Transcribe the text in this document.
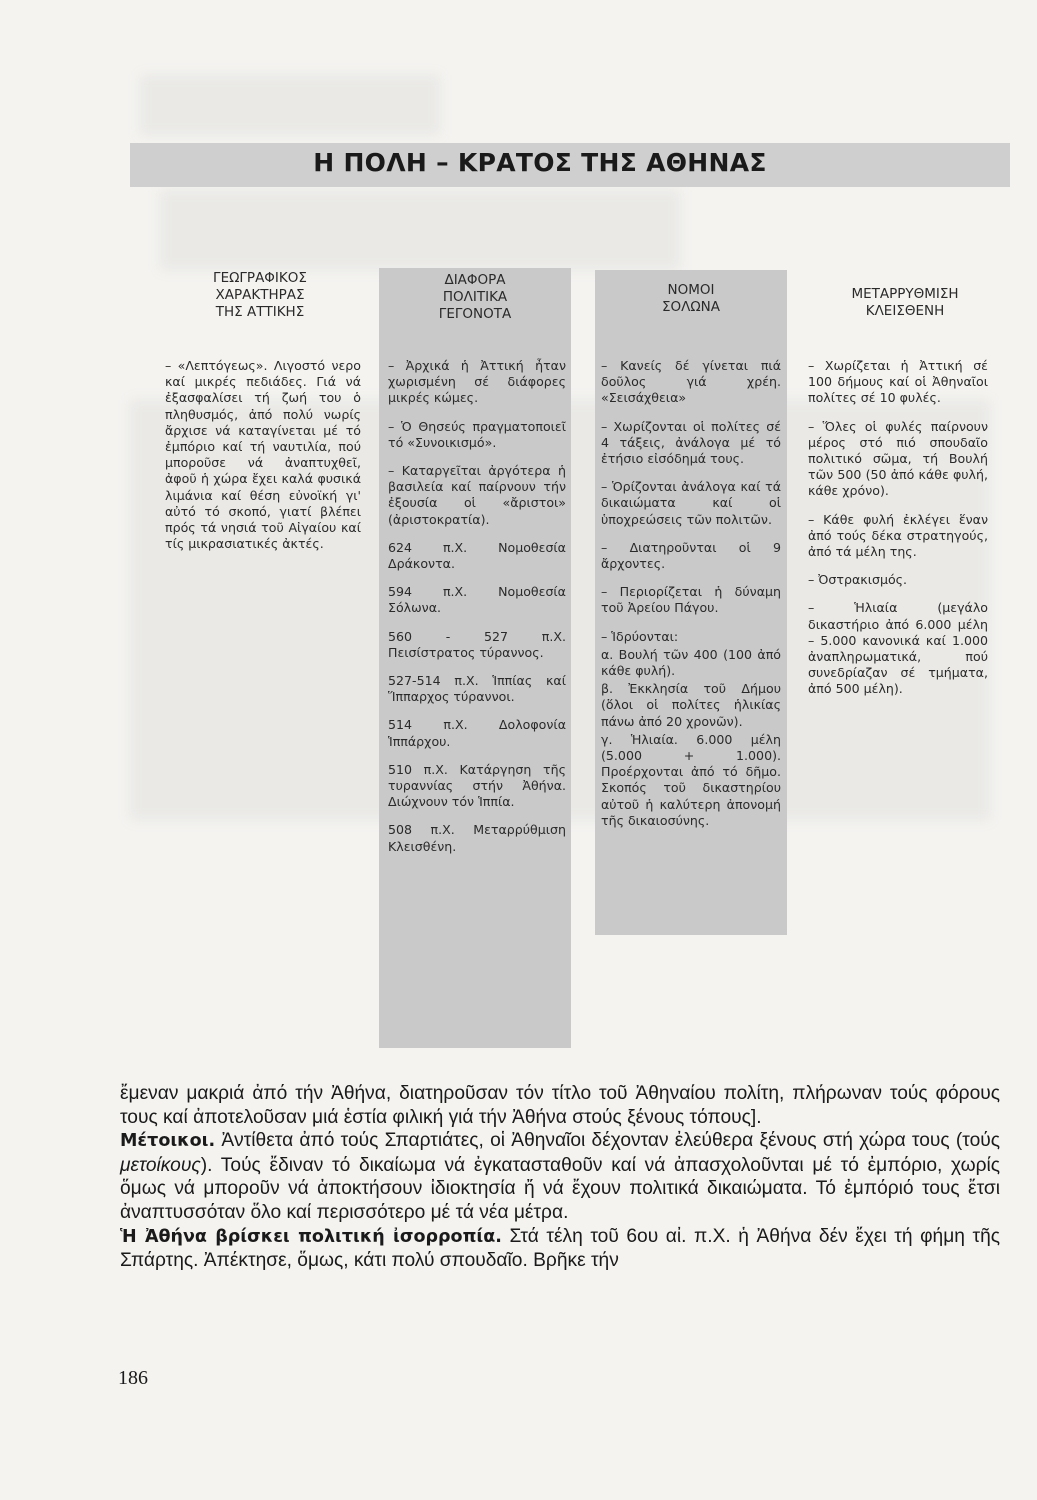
Η ΠΟΛΗ – ΚΡΑΤΟΣ ΤΗΣ ΑΘΗΝΑΣ
ΓΕΩΓΡΑΦΙΚΟΣ
ΧΑΡΑΚΤΗΡΑΣ
ΤΗΣ ΑΤΤΙΚΗΣ

– «Λεπτόγεως». Λιγοστό νερο καί μικρές πεδιάδες. Γιά νά ἐξασφαλίσει τή ζωή του ὁ πληθυσμός, ἀπό πολύ νωρίς ἄρχισε νά καταγίνεται μέ τό ἐμπόριο καί τή ναυτιλία, πού μποροῦσε νά ἀναπτυχθεῖ, ἀφοῦ ἡ χώρα ἔχει καλά φυσικά λιμάνια καί θέση εὐνοϊκή γι' αὐτό τό σκοπό, γιατί βλέπει πρός τά νησιά τοῦ Αἰγαίου καί τίς μικρασιατικές ἀκτές.

ΔΙΑΦΟΡΑ
ΠΟΛΙΤΙΚΑ
ΓΕΓΟΝΟΤΑ

– Ἀρχικά ἡ Ἀττική ἦταν χωρισμένη σέ διάφορες μικρές κώμες.

– Ὁ Θησεύς πραγματοποιεῖ τό «Συνοικισμό».

– Καταργεῖται ἀργότερα ἡ βασιλεία καί παίρνουν τήν ἐξουσία οἱ «ἄριστοι» (ἀριστοκρατία).

624 π.Χ. Νομοθεσία Δράκοντα.

594 π.Χ. Νομοθεσία Σόλωνα.

560 - 527 π.Χ. Πεισίστρατος τύραννος.

527-514 π.Χ. Ἱππίας καί Ἵππαρχος τύραννοι.

514 π.Χ. Δολοφονία Ἱππάρχου.

510 π.Χ. Κατάργηση τῆς τυραννίας στήν Ἀθήνα. Διώχνουν τόν Ἱππία.

508 π.Χ. Μεταρρύθμιση Κλεισθένη.

ΝΟΜΟΙ
ΣΟΛΩΝΑ

– Κανείς δέ γίνεται πιά δοῦλος γιά χρέη. «Σεισάχθεια»

– Χωρίζονται οἱ πολίτες σέ 4 τάξεις, ἀνάλογα μέ τό ἐτήσιο εἰσόδημά τους.

– Ὁρίζονται ἀνάλογα καί τά δικαιώματα καί οἱ ὑποχρεώσεις τῶν πολιτῶν.

– Διατηροῦνται οἱ 9 ἄρχοντες.

– Περιορίζεται ἡ δύναμη τοῦ Ἀρείου Πάγου.

– Ἱδρύονται:

α. Βουλή τῶν 400 (100 ἀπό κάθε φυλή).

β. Ἐκκλησία τοῦ Δήμου (ὅλοι οἱ πολίτες ἡλικίας πάνω ἀπό 20 χρονῶν).

γ. Ἡλιαία. 6.000 μέλη (5.000 + 1.000). Προέρχονται ἀπό τό δῆμο. Σκοπός τοῦ δικαστηρίου αὐτοῦ ἡ καλύτερη ἀπονομή τῆς δικαιοσύνης.

ΜΕΤΑΡΡΥΘΜΙΣΗ
ΚΛΕΙΣΘΕΝΗ

– Χωρίζεται ἡ Ἀττική σέ 100 δήμους καί οἱ Ἀθηναῖοι πολίτες σέ 10 φυλές.

– Ὅλες οἱ φυλές παίρνουν μέρος στό πιό σπουδαῖο πολιτικό σῶμα, τή Βουλή τῶν 500 (50 ἀπό κάθε φυλή, κάθε χρόνο).

– Κάθε φυλή ἐκλέγει ἕναν ἀπό τούς δέκα στρατηγούς, ἀπό τά μέλη της.

– Ὀστρακισμός.

– Ἡλιαία (μεγάλο δικαστήριο ἀπό 6.000 μέλη – 5.000 κανονικά καί 1.000 ἀναπληρωματικά, πού συνεδρίαζαν σέ τμήματα, ἀπό 500 μέλη).

ἔμεναν μακριά ἀπό τήν Ἀθήνα, διατηροῦσαν τόν τίτλο τοῦ Ἀθηναίου πολίτη, πλήρωναν τούς φόρους τους καί ἀποτελοῦσαν μιά ἑστία φιλική γιά τήν Ἀθήνα στούς ξένους τόπους].

Μέτοικοι. Ἀντίθετα ἀπό τούς Σπαρτιάτες, οἱ Ἀθηναῖοι δέχονταν ἐλεύθερα ξένους στή χώρα τους (τούς μετοίκους). Τούς ἔδιναν τό δικαίωμα νά ἐγκατασταθοῦν καί νά ἀπασχολοῦνται μέ τό ἐμπόριο, χωρίς ὅμως νά μποροῦν νά ἀποκτήσουν ἰδιοκτησία ἤ νά ἔχουν πολιτικά δικαιώματα. Τό ἐμπόριό τους ἔτσι ἀναπτυσσόταν ὅλο καί περισσότερο μέ τά νέα μέτρα.

Ἡ Ἀθήνα βρίσκει πολιτική ἰσορροπία. Στά τέλη τοῦ 6ου αἰ. π.Χ. ἡ Ἀθήνα δέν ἔχει τή φήμη τῆς Σπάρτης. Ἀπέκτησε, ὅμως, κάτι πολύ σπουδαῖο. Βρῆκε τήν

186
